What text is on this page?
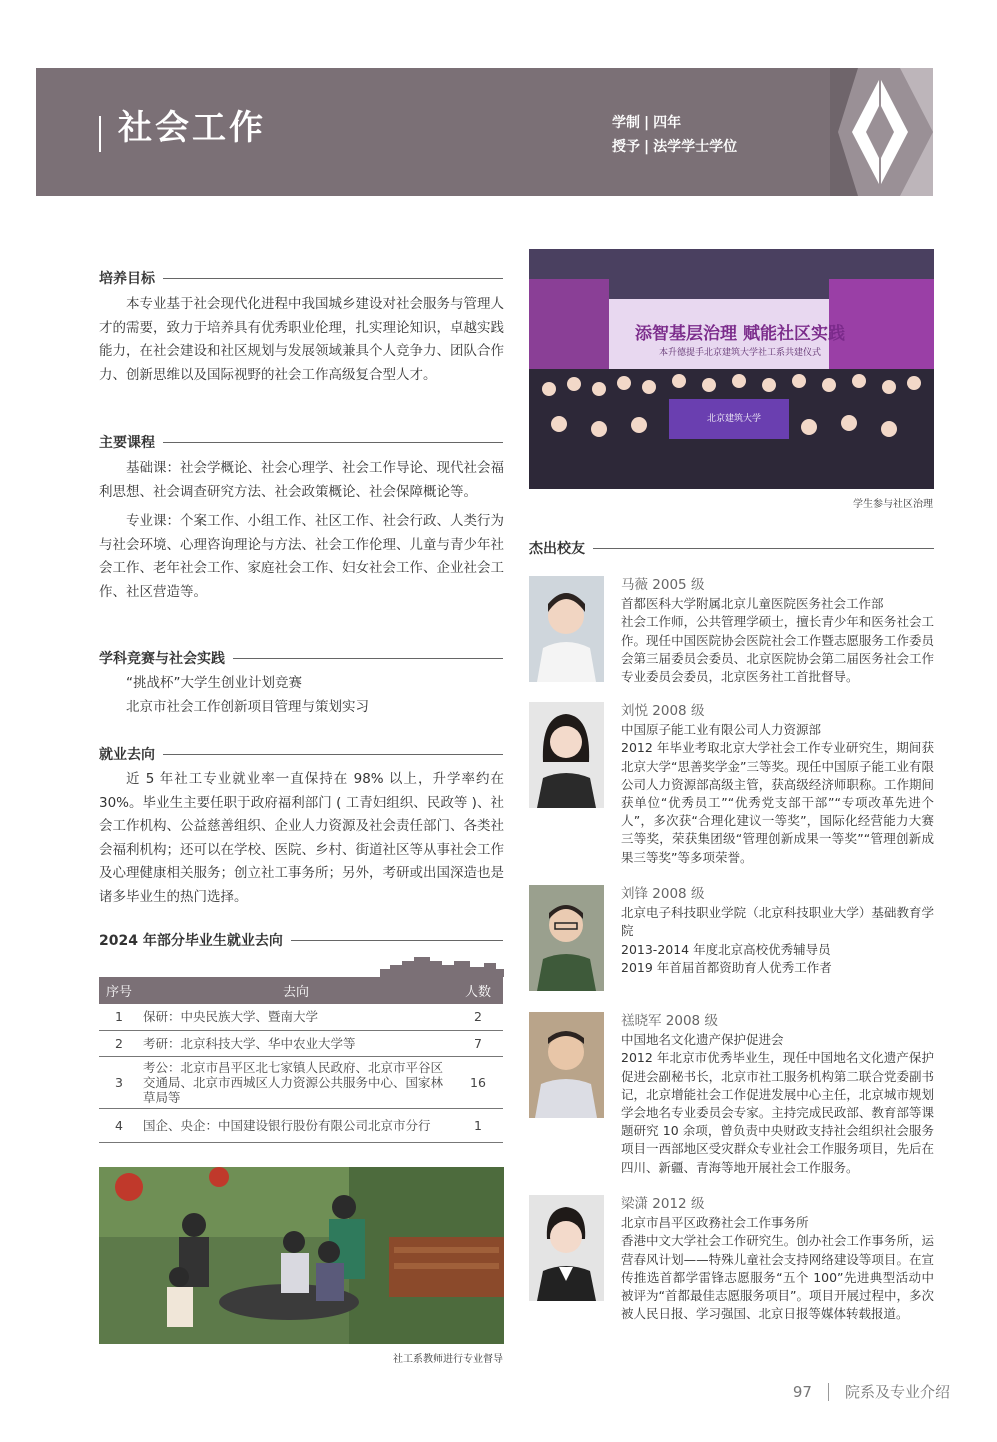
社会工作	学制 | 四年
授予 | 法学学士学位
培养目标
本专业基于社会现代化进程中我国城乡建设对社会服务与管理人才的需要，致力于培养具有优秀职业伦理，扎实理论知识，卓越实践能力，在社会建设和社区规划与发展领域兼具个人竞争力、团队合作力、创新思维以及国际视野的社会工作高级复合型人才。
主要课程
基础课：社会学概论、社会心理学、社会工作导论、现代社会福利思想、社会调查研究方法、社会政策概论、社会保障概论等。
专业课：个案工作、小组工作、社区工作、社会行政、人类行为与社会环境、心理咨询理论与方法、社会工作伦理、儿童与青少年社会工作、老年社会工作、家庭社会工作、妇女社会工作、企业社会工作、社区营造等。
学科竞赛与社会实践
“挑战杯”大学生创业计划竞赛
北京市社会工作创新项目管理与策划实习
就业去向
近 5 年社工专业就业率一直保持在 98% 以上，升学率约在 30%。毕业生主要任职于政府福利部门 ( 工青妇组织、民政等 )、社会工作机构、公益慈善组织、企业人力资源及社会责任部门、各类社会福利机构；还可以在学校、医院、乡村、街道社区等从事社会工作及心理健康相关服务；创立社工事务所；另外，考研或出国深造也是诸多毕业生的热门选择。
2024 年部分毕业生就业去向
序号	去向	人数
1	保研：中央民族大学、暨南大学	2
2	考研：北京科技大学、华中农业大学等	7
3	考公：北京市昌平区北七家镇人民政府、北京市平谷区交通局、北京市西城区人力资源公共服务中心、国家林草局等	16
4	国企、央企：中国建设银行股份有限公司北京市分行	1
社工系教师进行专业督导
添智基层治理 赋能社区实践
本升德提手北京建筑大学社工系共建仪式
北京建筑大学
学生参与社区治理
杰出校友
马薇 2005 级
首都医科大学附属北京儿童医院医务社会工作部
社会工作师，公共管理学硕士，擅长青少年和医务社会工作。现任中国医院协会医院社会工作暨志愿服务工作委员会第三届委员会委员、北京医院协会第二届医务社会工作专业委员会委员，北京医务社工首批督导。
刘悦 2008 级
中国原子能工业有限公司人力资源部
2012 年毕业考取北京大学社会工作专业研究生，期间获北京大学“思善奖学金”三等奖。现任中国原子能工业有限公司人力资源部高级主管，获高级经济师职称。工作期间获单位“优秀员工”“优秀党支部干部”“专项改革先进个人”，多次获“合理化建议一等奖”，国际化经营能力大赛三等奖，荣获集团级“管理创新成果一等奖”“管理创新成果三等奖”等多项荣誉。
刘锋 2008 级
北京电子科技职业学院（北京科技职业大学）基础教育学院
2013-2014 年度北京高校优秀辅导员
2019 年首届首都资助育人优秀工作者
禚晓军 2008 级
中国地名文化遗产保护促进会
2012 年北京市优秀毕业生，现任中国地名文化遗产保护促进会副秘书长，北京市社工服务机构第二联合党委副书记，北京增能社会工作促进发展中心主任，北京城市规划学会地名专业委员会专家。主持完成民政部、教育部等课题研究 10 余项，曾负责中央财政支持社会组织社会服务项目一西部地区受灾群众专业社会工作服务项目，先后在四川、新疆、青海等地开展社会工作服务。
梁潇 2012 级
北京市昌平区政務社会工作事务所
香港中文大学社会工作研究生。创办社会工作事务所，运营春风计划——特殊儿童社会支持网络建设等项目。在宣传推选首都学雷锋志愿服务“五个 100”先进典型活动中被评为“首都最佳志愿服务项目”。项目开展过程中，多次被人民日报、学习强国、北京日报等媒体转载报道。
97 院系及专业介绍
